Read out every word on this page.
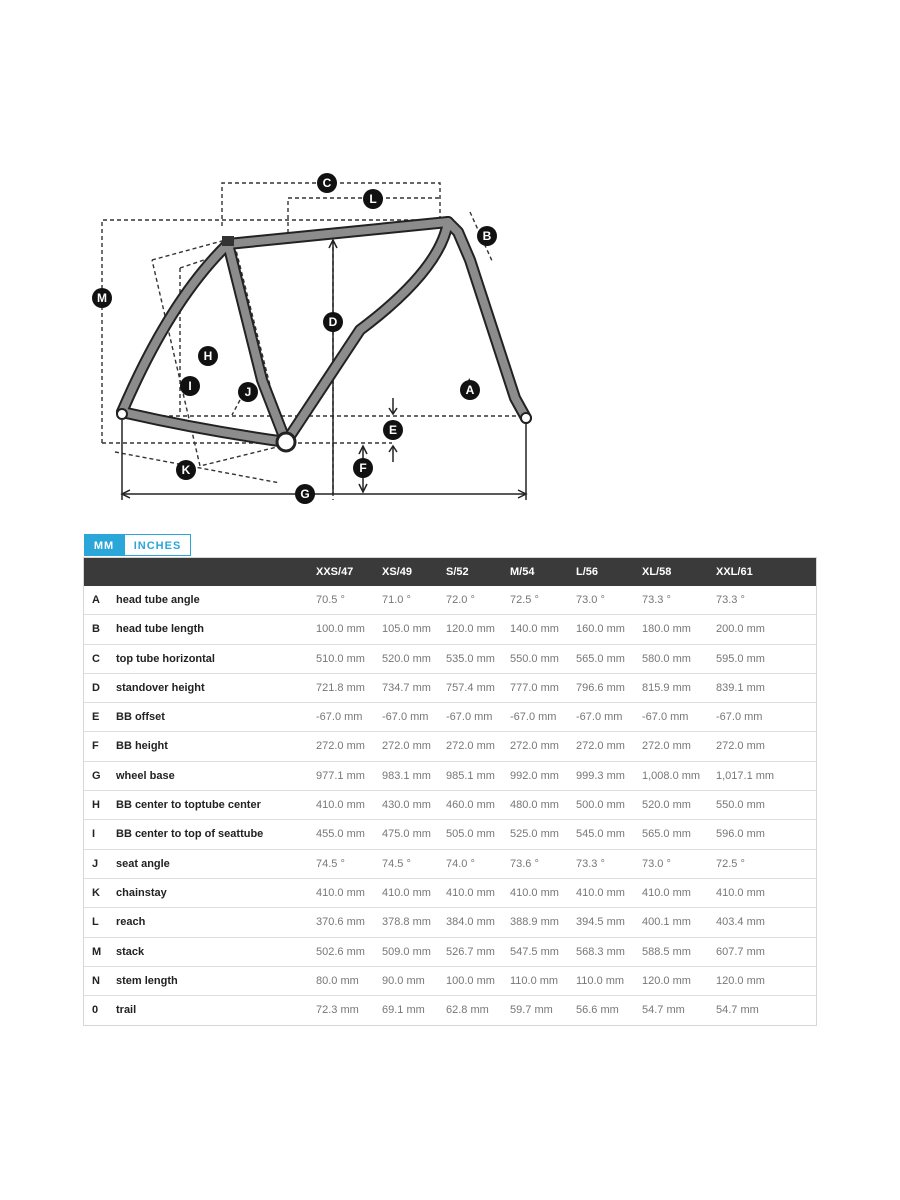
A
B
C
D
E
F
G
H
I	J
K
L
M
MM	INCHES
XXS/47	XS/49	S/52	M/54	L/56	XL/58	XXL/61
A head tube angle	70.5 °	71.0 °	72.0 °	72.5 °	73.0 °	73.3 °	73.3 °
B head tube length	100.0 mm 105.0 mm 120.0 mm 140.0 mm 160.0 mm 180.0 mm 200.0 mm
C top tube horizontal	510.0 mm 520.0 mm 535.0 mm 550.0 mm 565.0 mm 580.0 mm 595.0 mm
D standover height	721.8 mm 734.7 mm 757.4 mm 777.0 mm 796.6 mm 815.9 mm 839.1 mm
E BB offset	-67.0 mm -67.0 mm -67.0 mm -67.0 mm -67.0 mm -67.0 mm	-67.0 mm
F BB height	272.0 mm 272.0 mm 272.0 mm 272.0 mm 272.0 mm 272.0 mm 272.0 mm
G wheel base	977.1 mm 983.1 mm 985.1 mm 992.0 mm 999.3 mm 1,008.0 mm 1,017.1 mm
H BB center to toptube center	410.0 mm 430.0 mm 460.0 mm 480.0 mm 500.0 mm 520.0 mm 550.0 mm
I BB center to top of seattube	455.0 mm 475.0 mm 505.0 mm 525.0 mm 545.0 mm 565.0 mm 596.0 mm
J seat angle	74.5 °	74.5 °	74.0 °	73.6 °	73.3 °	73.0 °	72.5 °
K chainstay	410.0 mm 410.0 mm 410.0 mm 410.0 mm 410.0 mm 410.0 mm 410.0 mm
L reach	370.6 mm 378.8 mm 384.0 mm 388.9 mm 394.5 mm 400.1 mm 403.4 mm
M stack	502.6 mm 509.0 mm 526.7 mm 547.5 mm 568.3 mm 588.5 mm 607.7 mm
N stem length	80.0 mm 90.0 mm 100.0 mm 110.0 mm 110.0 mm 120.0 mm 120.0 mm
0 trail	72.3 mm 69.1 mm 62.8 mm 59.7 mm 56.6 mm 54.7 mm	54.7 mm
